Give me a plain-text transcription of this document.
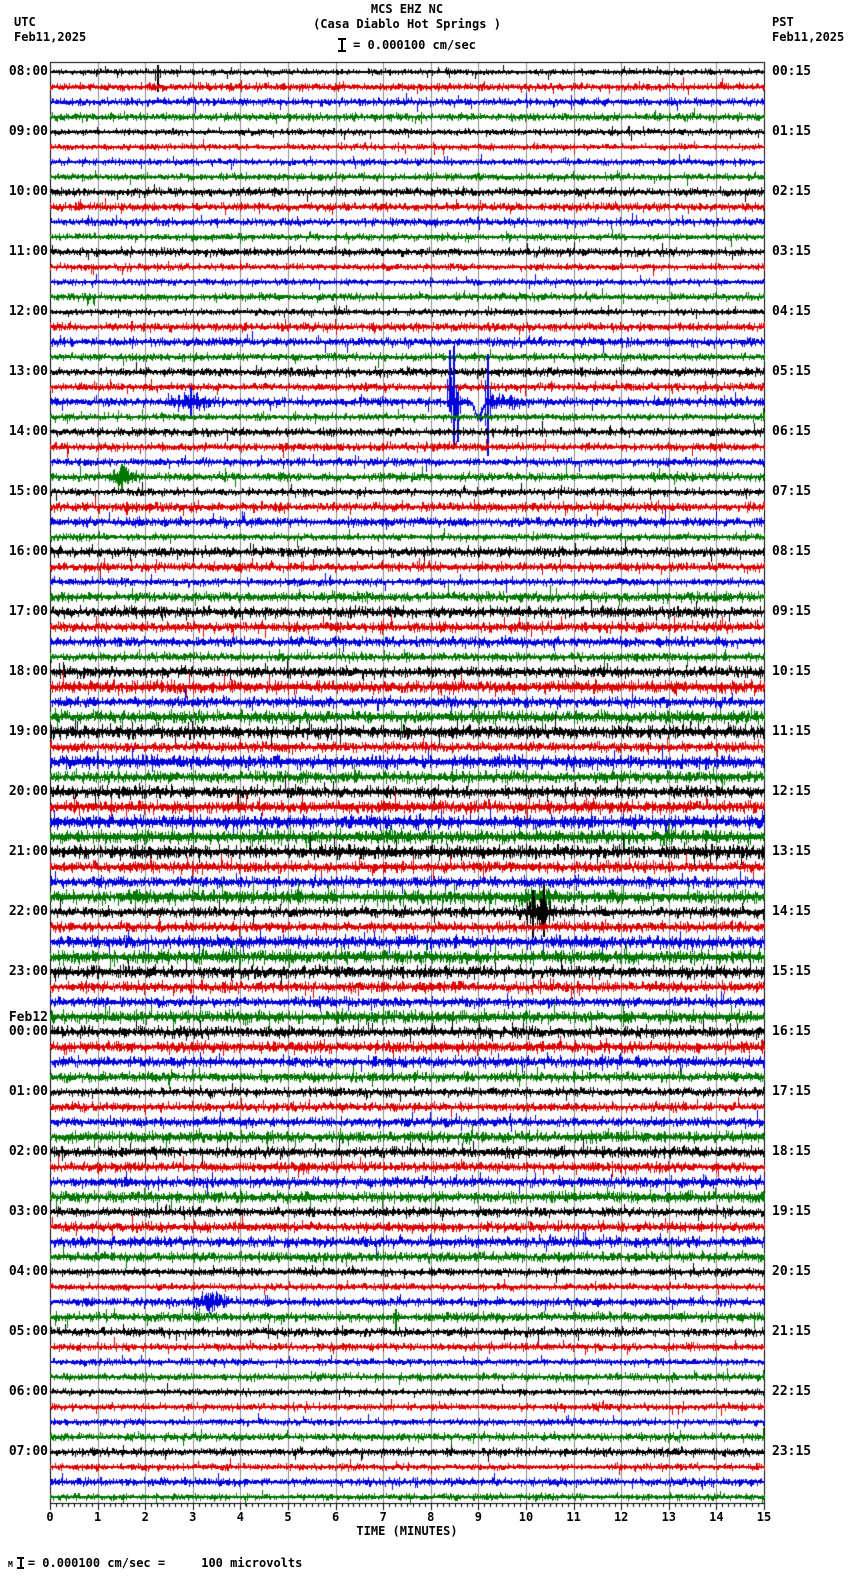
MCS EHZ NC
(Casa Diablo Hot Springs )
= 0.000100 cm/sec
UTC
Feb11,2025
PST
Feb11,2025
08:00
09:00
10:00
11:00
12:00
13:00
14:00
15:00
16:00
17:00
18:00
19:00
20:00
21:00
22:00
23:00
Feb12
00:00
01:00
02:00
03:00
04:00
05:00
06:00
07:00
00:15
01:15
02:15
03:15
04:15
05:15
06:15
07:15
08:15
09:15
10:15
11:15
12:15
13:15
14:15
15:15
16:15
17:15
18:15
19:15
20:15
21:15
22:15
23:15
0	1	2	3	4	5	6	7	8	9	10	11	12	13	14	15
TIME (MINUTES)
M = 0.000100 cm/sec =     100 microvolts
